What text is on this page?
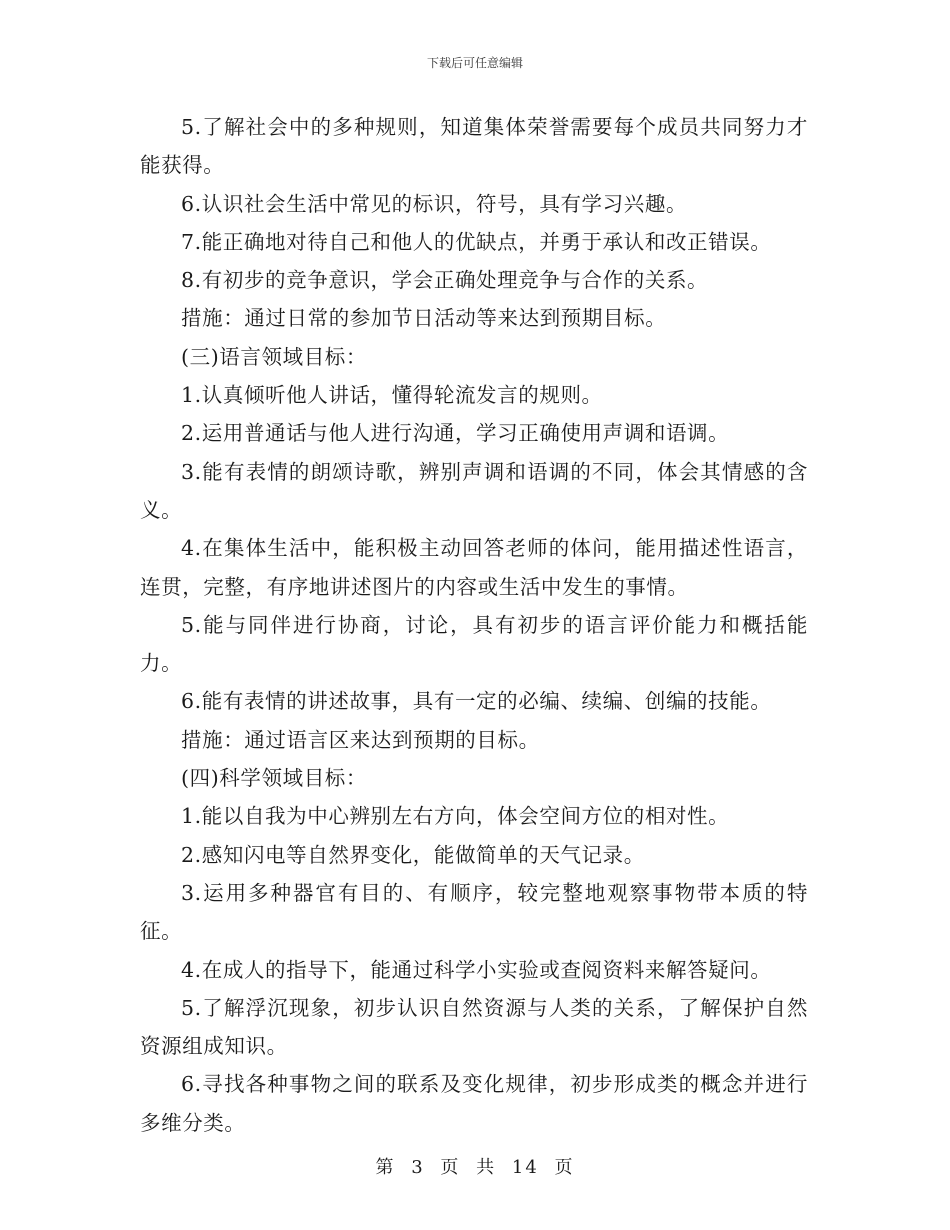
下载后可任意编辑

5.了解社会中的多种规则，知道集体荣誉需要每个成员共同努力才能获得。

6.认识社会生活中常见的标识，符号，具有学习兴趣。

7.能正确地对待自己和他人的优缺点，并勇于承认和改正错误。

8.有初步的竞争意识，学会正确处理竞争与合作的关系。

措施：通过日常的参加节日活动等来达到预期目标。

(三)语言领域目标：

1.认真倾听他人讲话，懂得轮流发言的规则。

2.运用普通话与他人进行沟通，学习正确使用声调和语调。

3.能有表情的朗颂诗歌，辨别声调和语调的不同，体会其情感的含义。

4.在集体生活中，能积极主动回答老师的体问，能用描述性语言，连贯，完整，有序地讲述图片的内容或生活中发生的事情。

5.能与同伴进行协商，讨论，具有初步的语言评价能力和概括能力。

6.能有表情的讲述故事，具有一定的必编、续编、创编的技能。

措施：通过语言区来达到预期的目标。

(四)科学领域目标：

1.能以自我为中心辨别左右方向，体会空间方位的相对性。

2.感知闪电等自然界变化，能做简单的天气记录。

3.运用多种器官有目的、有顺序，较完整地观察事物带本质的特征。

4.在成人的指导下，能通过科学小实验或查阅资料来解答疑问。

5.了解浮沉现象，初步认识自然资源与人类的关系，了解保护自然资源组成知识。

6.寻找各种事物之间的联系及变化规律，初步形成类的概念并进行多维分类。

第 3 页 共 14 页
